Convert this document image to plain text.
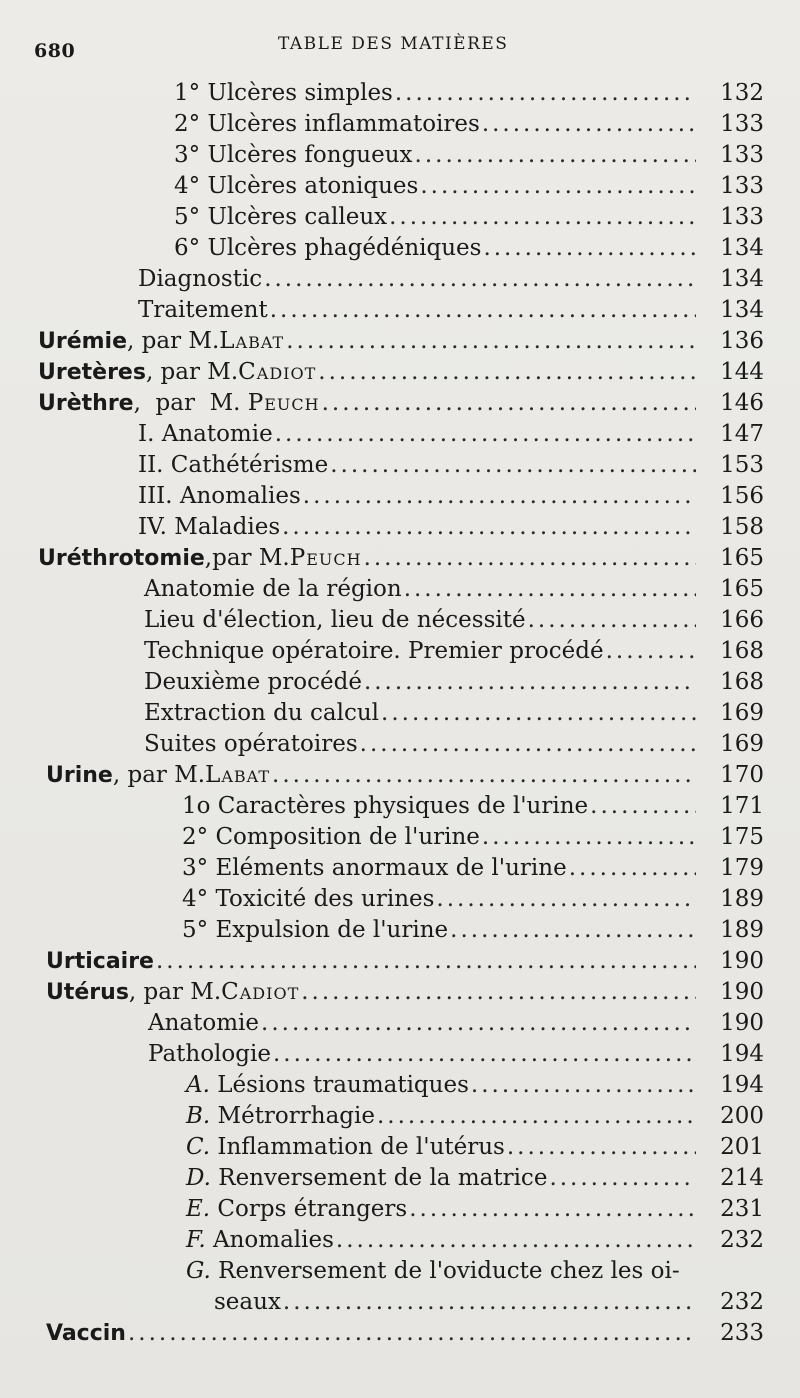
680	TABLE DES MATIÈRES
1° Ulcères simples .....	132
2° Ulcères inflammatoires .....	133
3° Ulcères fongueux .....	133
4° Ulcères atoniques .....	133
5° Ulcères calleux .....	133
6° Ulcères phagédéniques .....	134
Diagnostic .....	134
Traitement .....	134
Urémie , par M. Labat .....	136
Uretères , par M. Cadiot .....	144
Urèthre ,  par  M. Peuch .....	146
I. Anatomie .....	147
II. Cathétérisme .....	153
III. Anomalies .....	156
IV. Maladies .....	158
Uréthrotomie ,par M. Peuch .....	165
Anatomie de la région .....	165
Lieu d'élection, lieu de nécessité .....	166
Technique opératoire. Premier procédé .....	168
Deuxième procédé .....	168
Extraction du calcul .....	169
Suites opératoires .....	169
Urine , par M. Labat .....	170
1o Caractères physiques de l'urine .....	171
2° Composition de l'urine .....	175
3° Eléments anormaux de l'urine .....	179
4° Toxicité des urines .....	189
5° Expulsion de l'urine .....	189
Urticaire .....	190
Utérus , par M. Cadiot .....	190
Anatomie .....	190
Pathologie .....	194
A. Lésions traumatiques .....	194
B. Métrorrhagie .....	200
C. Inflammation de l'utérus .....	201
D. Renversement de la matrice .....	214
E. Corps étrangers .....	231
F. Anomalies .....	232
G. Renversement de l'oviducte chez les oi-
seaux .....	232
Vaccin .....	233
